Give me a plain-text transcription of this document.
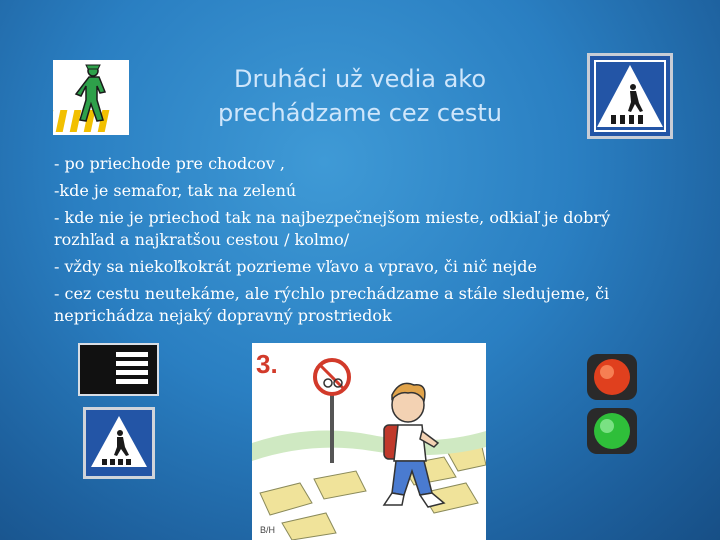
Druháci už vedia ako
prechádzame cez cestu

- po priechode pre chodcov ,

-kde je semafor, tak na zelenú

- kde nie je priechod tak na najbezpečnejšom mieste, odkiaľ je dobrý rozhľad a najkratšou cestou / kolmo/

- vždy sa niekoľkokrát pozrieme vľavo a vpravo, či nič nejde

- cez cestu neutekáme, ale rýchlo prechádzame a stále sledujeme, či neprichádza nejaký dopravný prostriedok

3.
B/H
